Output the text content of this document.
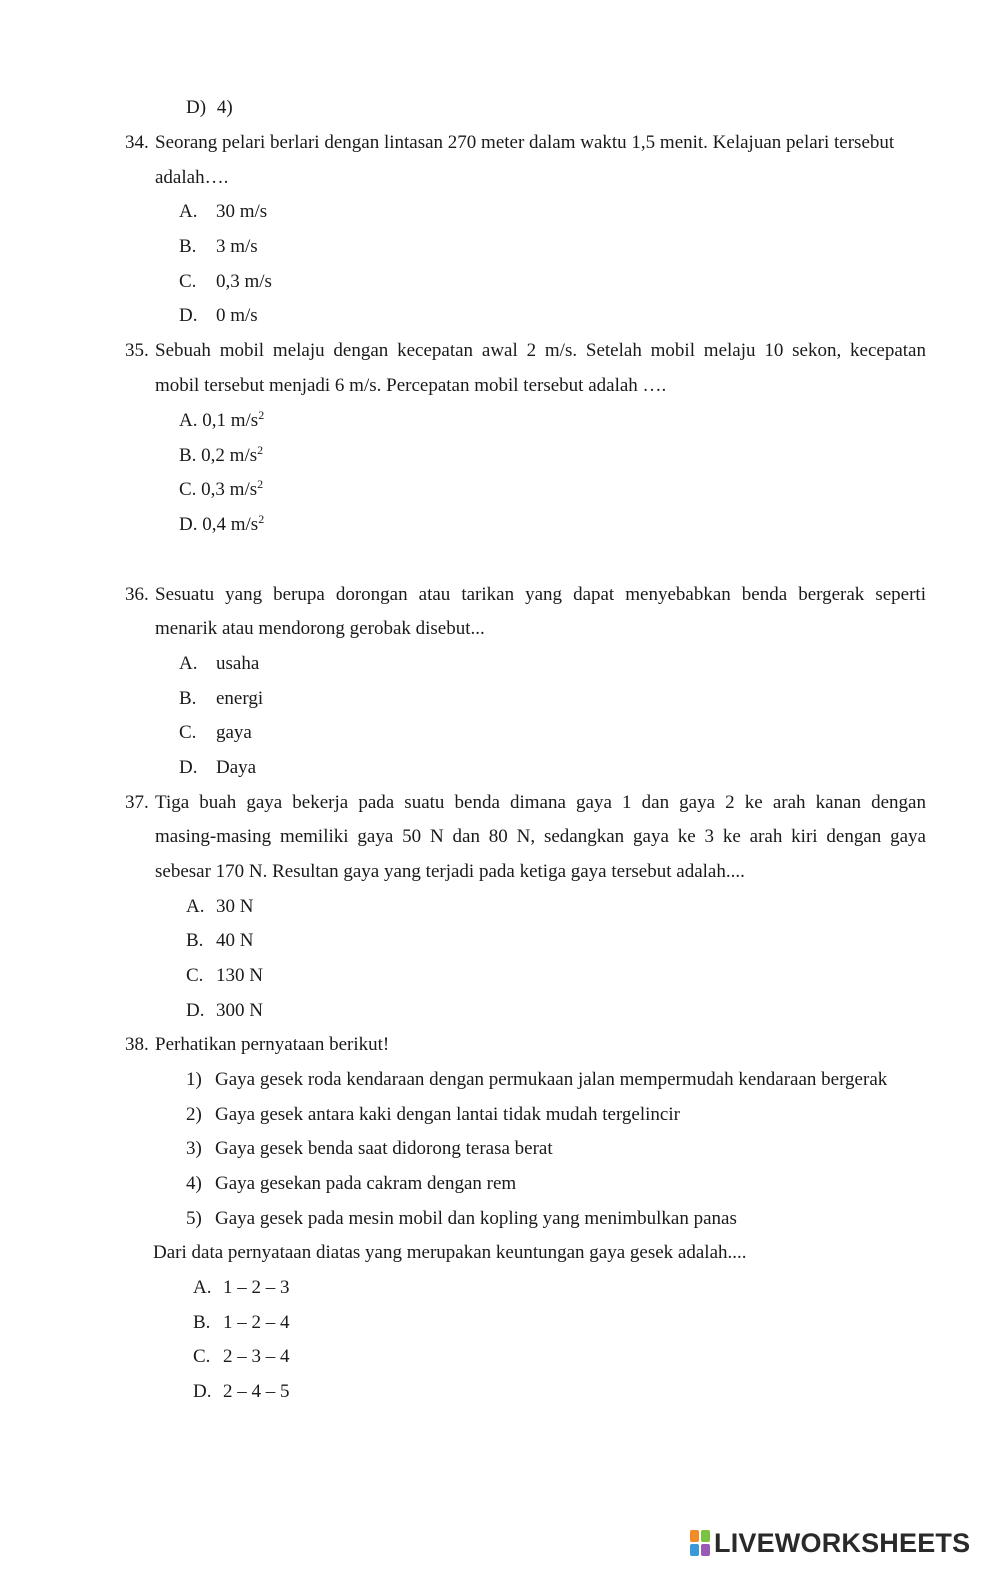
D) 4)
34. Seorang pelari berlari dengan lintasan 270 meter dalam waktu 1,5 menit. Kelajuan pelari tersebut
adalah….
A. 30 m/s
B. 3 m/s
C. 0,3 m/s
D. 0 m/s
35. Sebuah mobil melaju dengan kecepatan awal 2 m/s. Setelah mobil melaju 10 sekon, kecepatan
mobil tersebut menjadi 6 m/s. Percepatan mobil tersebut adalah ….
A. 0,1 $m/s^2$
B. 0,2 $m/s^2$
C. 0,3 $m/s^2$
D. 0,4 $m/s^2$
36. Sesuatu yang berupa dorongan atau tarikan yang dapat menyebabkan benda bergerak seperti
menarik atau mendorong gerobak disebut...
A. usaha
B. energi
C. gaya
D. Daya
37. Tiga buah gaya bekerja pada suatu benda dimana gaya 1 dan gaya 2 ke arah kanan dengan
masing-masing memiliki gaya 50 N dan 80 N, sedangkan gaya ke 3 ke arah kiri dengan gaya
sebesar 170 N. Resultan gaya yang terjadi pada ketiga gaya tersebut adalah....
A. 30 N
B. 40 N
C. 130 N
D. 300 N
38. Perhatikan pernyataan berikut!
1) Gaya gesek roda kendaraan dengan permukaan jalan mempermudah kendaraan bergerak
2) Gaya gesek antara kaki dengan lantai tidak mudah tergelincir
3) Gaya gesek benda saat didorong terasa berat
4) Gaya gesekan pada cakram dengan rem
5) Gaya gesek pada mesin mobil dan kopling yang menimbulkan panas
Dari data pernyataan diatas yang merupakan keuntungan gaya gesek adalah....
A. 1 – 2 – 3
B. 1 – 2 – 4
C. 2 – 3 – 4
D. 2 – 4 – 5
LIVEWORKSHEETS
